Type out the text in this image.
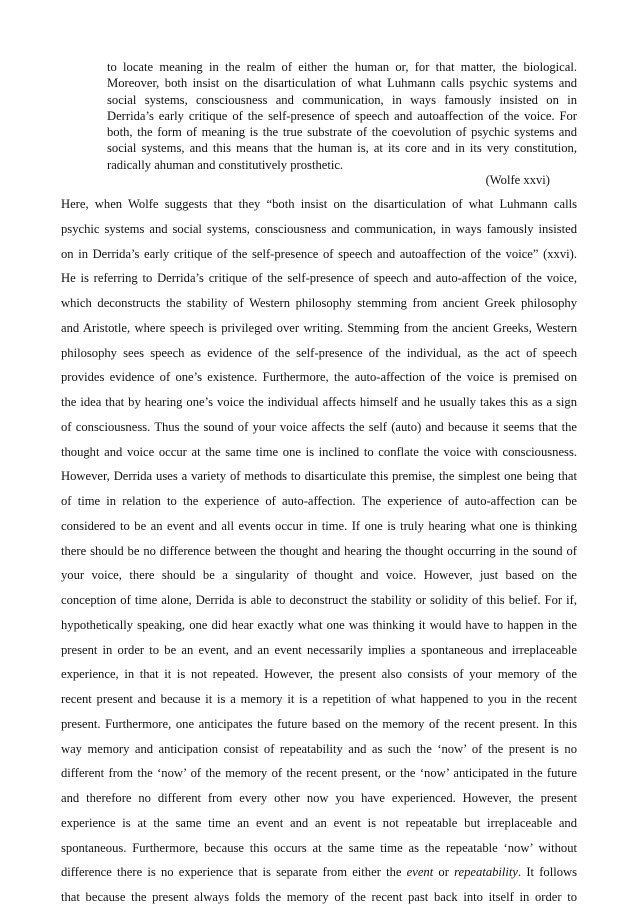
to locate meaning in the realm of either the human or, for that matter, the biological.
Moreover, both insist on the disarticulation of what Luhmann calls psychic systems and
social systems, consciousness and communication, in ways famously insisted on in
Derrida’s early critique of the self-presence of speech and autoaffection of the voice. For
both, the form of meaning is the true substrate of the coevolution of psychic systems and
social systems, and this means that the human is, at its core and in its very constitution,
radically ahuman and constitutively prosthetic.
(Wolfe xxvi)
Here, when Wolfe suggests that they “both insist on the disarticulation of what Luhmann calls
psychic systems and social systems, consciousness and communication, in ways famously insisted
on in Derrida’s early critique of the self-presence of speech and autoaffection of the voice” (xxvi).
He is referring to Derrida’s critique of the self-presence of speech and auto-affection of the voice,
which deconstructs the stability of Western philosophy stemming from ancient Greek philosophy
and Aristotle, where speech is privileged over writing. Stemming from the ancient Greeks, Western
philosophy sees speech as evidence of the self-presence of the individual, as the act of speech
provides evidence of one’s existence. Furthermore, the auto-affection of the voice is premised on
the idea that by hearing one’s voice the individual affects himself and he usually takes this as a sign
of consciousness. Thus the sound of your voice affects the self (auto) and because it seems that the
thought and voice occur at the same time one is inclined to conflate the voice with consciousness.
However, Derrida uses a variety of methods to disarticulate this premise, the simplest one being that
of time in relation to the experience of auto-affection. The experience of auto-affection can be
considered to be an event and all events occur in time. If one is truly hearing what one is thinking
there should be no difference between the thought and hearing the thought occurring in the sound of
your voice, there should be a singularity of thought and voice. However, just based on the
conception of time alone, Derrida is able to deconstruct the stability or solidity of this belief. For if,
hypothetically speaking, one did hear exactly what one was thinking it would have to happen in the
present in order to be an event, and an event necessarily implies a spontaneous and irreplaceable
experience, in that it is not repeated. However, the present also consists of your memory of the
recent present and because it is a memory it is a repetition of what happened to you in the recent
present. Furthermore, one anticipates the future based on the memory of the recent present. In this
way memory and anticipation consist of repeatability and as such the ‘now’ of the present is no
different from the ‘now’ of the memory of the recent present, or the ‘now’ anticipated in the future
and therefore no different from every other now you have experienced. However, the present
experience is at the same time an event and an event is not repeatable but irreplaceable and
spontaneous. Furthermore, because this occurs at the same time as the repeatable ‘now’ without
difference there is no experience that is separate from either the event or repeatability. It follows
that because the present always folds the memory of the recent past back into itself in order to
